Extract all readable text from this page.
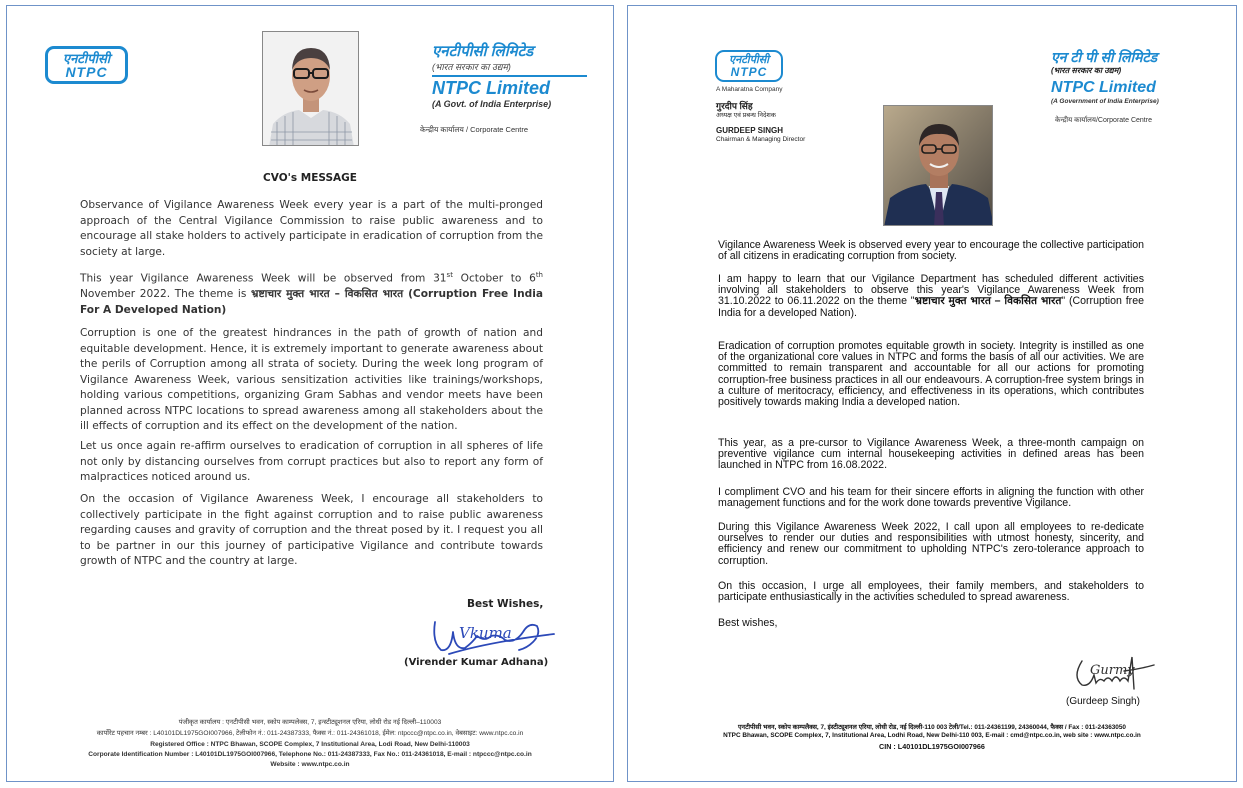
एनटीपीसी
NTPC
एनटीपीसी लिमिटेड
(भारत सरकार का उद्यम)
NTPC Limited
(A Govt. of India Enterprise)
केन्द्रीय कार्यालय / Corporate Centre
CVO's MESSAGE
Observance of Vigilance Awareness Week every year is a part of the multi-pronged approach of the Central Vigilance Commission to raise public awareness and to encourage all stake holders to actively participate in eradication of corruption from the society at large.
This year Vigilance Awareness Week will be observed from 31st October to 6th November 2022. The theme is भ्रष्टाचार मुक्त भारत – विकसित भारत (Corruption Free India For A Developed Nation)
Corruption is one of the greatest hindrances in the path of growth of nation and equitable development. Hence, it is extremely important to generate awareness about the perils of Corruption among all strata of society. During the week long program of Vigilance Awareness Week, various sensitization activities like trainings/workshops, holding various competitions, organizing Gram Sabhas and vendor meets have been planned across NTPC locations to spread awareness among all stakeholders about the ill effects of corruption and its effect on the development of the nation.
Let us once again re-affirm ourselves to eradication of corruption in all spheres of life not only by distancing ourselves from corrupt practices but also to report any form of malpractices noticed around us.
On the occasion of Vigilance Awareness Week, I encourage all stakeholders to collectively participate in the fight against corruption and to raise public awareness regarding causes and gravity of corruption and the threat posed by it. I request you all to be partner in our this journey of participative Vigilance and contribute towards growth of NTPC and the country at large.
Best Wishes,
Vkuma
(Virender Kumar Adhana)
पंजीकृत कार्यालय : एनटीपीसी भवन, स्कोप काम्पलेक्स, 7, इन्स्टीट्यूशनल एरिया, लोधी रोड नई दिल्ली–110003
कार्पोरेट पहचान नम्बर : L40101DL1975GOI007966, टेलीफोन नं.: 011-24387333, फैक्स नं.: 011-24361018, ईमेल: ntpccc@ntpc.co.in, वेबसाइट: www.ntpc.co.in
Registered Office : NTPC Bhawan, SCOPE Complex, 7 Institutional Area, Lodi Road, New Delhi-110003
Corporate Identification Number : L40101DL1975GOI007966, Telephone No.: 011-24387333, Fax No.: 011-24361018, E-mail : ntpccc@ntpc.co.in
Website : www.ntpc.co.in
एनटीपीसी
NTPC
A Maharatna Company
एन टी पी सी लिमिटेड
(भारत सरकार का उद्यम)
NTPC Limited
(A Government of India Enterprise)
केन्द्रीय कार्यालय/Corporate Centre
गुरदीप सिंह
अध्यक्ष एवं प्रबन्ध निदेशक
GURDEEP SINGH
Chairman & Managing Director
Vigilance Awareness Week is observed every year to encourage the collective participation of all citizens in eradicating corruption from society.
I am happy to learn that our Vigilance Department has scheduled different activities involving all stakeholders to observe this year's Vigilance Awareness Week from 31.10.2022 to 06.11.2022 on the theme "भ्रष्टाचार मुक्त भारत – विकसित भारत" (Corruption free India for a developed Nation).
Eradication of corruption promotes equitable growth in society. Integrity is instilled as one of the organizational core values in NTPC and forms the basis of all our activities. We are committed to remain transparent and accountable for all our actions for promoting corruption-free business practices in all our endeavours. A corruption-free system brings in a culture of meritocracy, efficiency, and effectiveness in its operations, which contributes positively towards making India a developed nation.
This year, as a pre-cursor to Vigilance Awareness Week, a three-month campaign on preventive vigilance cum internal housekeeping activities in defined areas has been launched in NTPC from 16.08.2022.
I compliment CVO and his team for their sincere efforts in aligning the function with other management functions and for the work done towards preventive Vigilance.
During this Vigilance Awareness Week 2022, I call upon all employees to re-dedicate ourselves to render our duties and responsibilities with utmost honesty, sincerity, and efficiency and renew our commitment to upholding NTPC's zero-tolerance approach to corruption.
On this occasion, I urge all employees, their family members, and stakeholders to participate enthusiastically in the activities scheduled to spread awareness.
Best wishes,
Gurmy
(Gurdeep Singh)
एनटीपीसी भवन, स्कोप काम्पलैक्स, 7, इंस्टीट्यूशनल एरिया, लोधी रोड, नई दिल्ली-110 003 टेली/Tel.: 011-24361199, 24360044, फैक्स / Fax : 011-24363050
NTPC Bhawan, SCOPE Complex, 7, Institutional Area, Lodhi Road, New Delhi-110 003, E-mail : cmd@ntpc.co.in, web site : www.ntpc.co.in
CIN : L40101DL1975GOI007966
